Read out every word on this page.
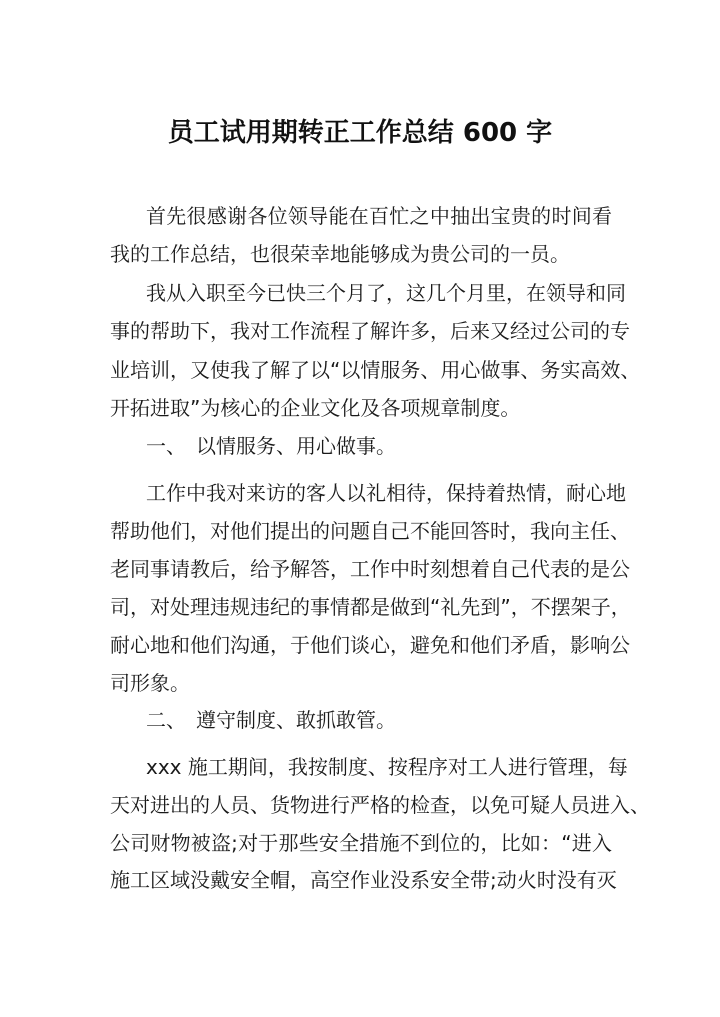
员工试用期转正工作总结 600 字
首先很感谢各位领导能在百忙之中抽出宝贵的时间看
我的工作总结，也很荣幸地能够成为贵公司的一员。
我从入职至今已快三个月了，这几个月里，在领导和同
事的帮助下，我对工作流程了解许多，后来又经过公司的专
业培训，又使我了解了以“以情服务、用心做事、务实高效、
开拓进取”为核心的企业文化及各项规章制度。
一、　以情服务、用心做事。
工作中我对来访的客人以礼相待，保持着热情，耐心地
帮助他们，对他们提出的问题自己不能回答时，我向主任、
老同事请教后，给予解答，工作中时刻想着自己代表的是公
司，对处理违规违纪的事情都是做到“礼先到”，不摆架子，
耐心地和他们沟通，于他们谈心，避免和他们矛盾，影响公
司形象。
二、　遵守制度、敢抓敢管。
xxx 施工期间，我按制度、按程序对工人进行管理，每
天对进出的人员、货物进行严格的检查，以免可疑人员进入、
公司财物被盗;对于那些安全措施不到位的，比如：“进入
施工区域没戴安全帽，高空作业没系安全带;动火时没有灭
